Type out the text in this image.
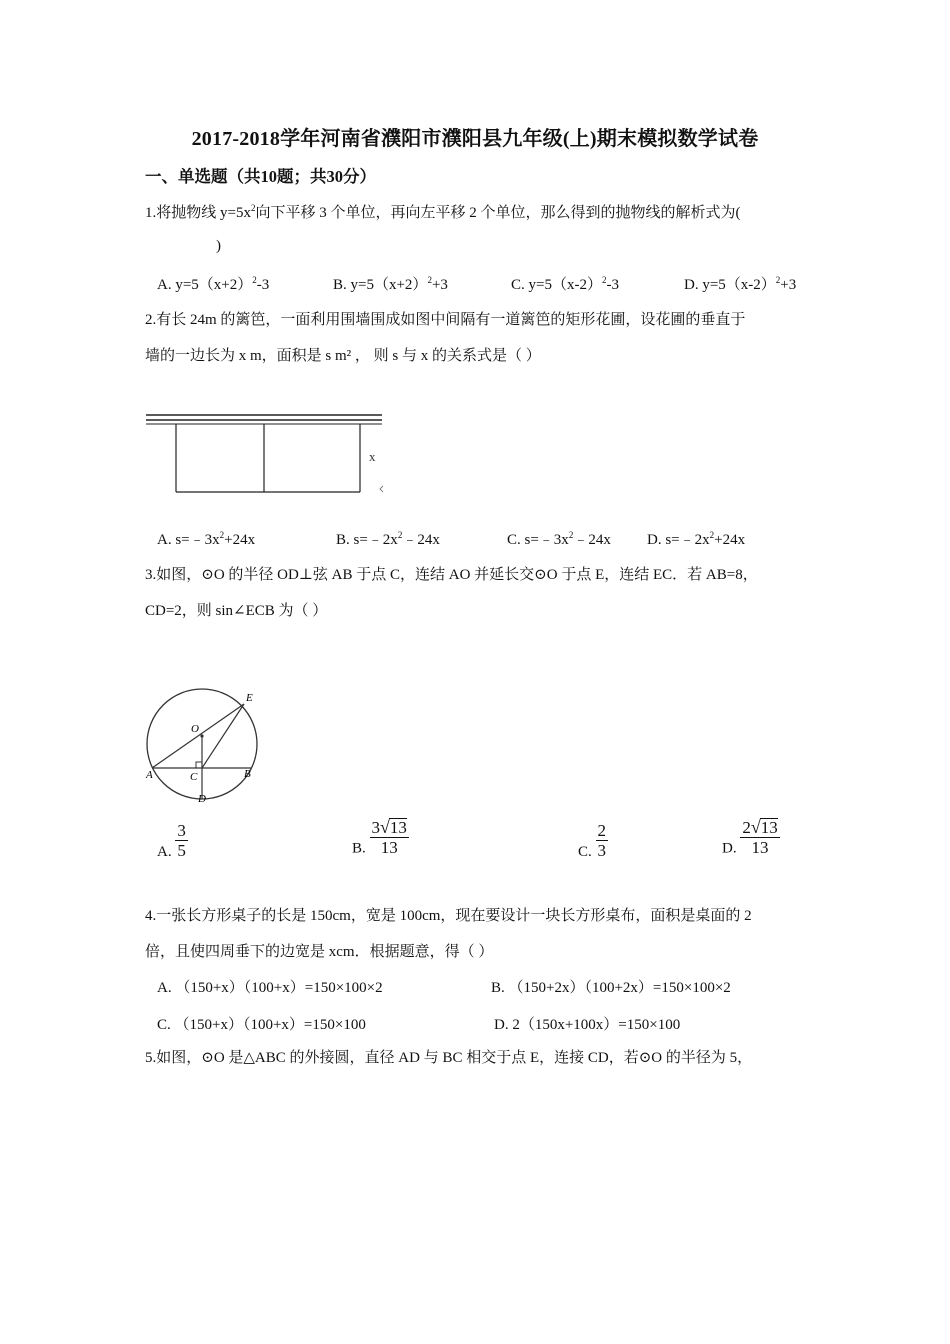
2017-2018学年河南省濮阳市濮阳县九年级(上)期末模拟数学试卷
一、单选题（共10题；共30分）
1.将抛物线 $y=5x^2$向下平移 3 个单位，再向左平移 2 个单位，那么得到的抛物线的解析式为(
)
A. $y=5(x+2)^2-3$	B. $y=5(x+2)^2+3$	C. $y=5(x-2)^2-3$	D. $y=5(x-2)^2+3$
2.有长 24m 的篱笆，一面利用围墙围成如图中间隔有一道篱笆的矩形花圃，设花圃的垂直于
墙的一边长为 x m，面积是 s m² ， 则 s 与 x 的关系式是（ ）
x
A. $s=﹣3x^2+24x$	B. $s=﹣2x^2﹣24x$	C. $s=﹣3x^2﹣24x$ D. $s=﹣2x^2+24x$
3.如图，⊙O 的半径 OD⊥弦 AB 于点 C，连结 AO 并延长交⊙O 于点 E，连结 EC．若 AB=8，
CD=2，则 sin∠ECB 为（ ）
E
O
A	C	B
D
A. $\frac{3}{5}$	B. $\frac{3√13}{13}$	C. $\frac{2}{3}$	D. $\frac{2√13}{13}$
4.一张长方形桌子的长是 150cm，宽是 100cm，现在要设计一块长方形桌布，面积是桌面的 2
倍，且使四周垂下的边宽是 xcm．根据题意，得（ ）
A. （150+x）（100+x）=150×100×2	B. （150+2x）（100+2x）=150×100×2
C. （150+x）（100+x）=150×100	D. 2（150x+100x）=150×100
5.如图，⊙O 是△ABC 的外接圆，直径 AD 与 BC 相交于点 E，连接 CD，若⊙O 的半径为 5，
